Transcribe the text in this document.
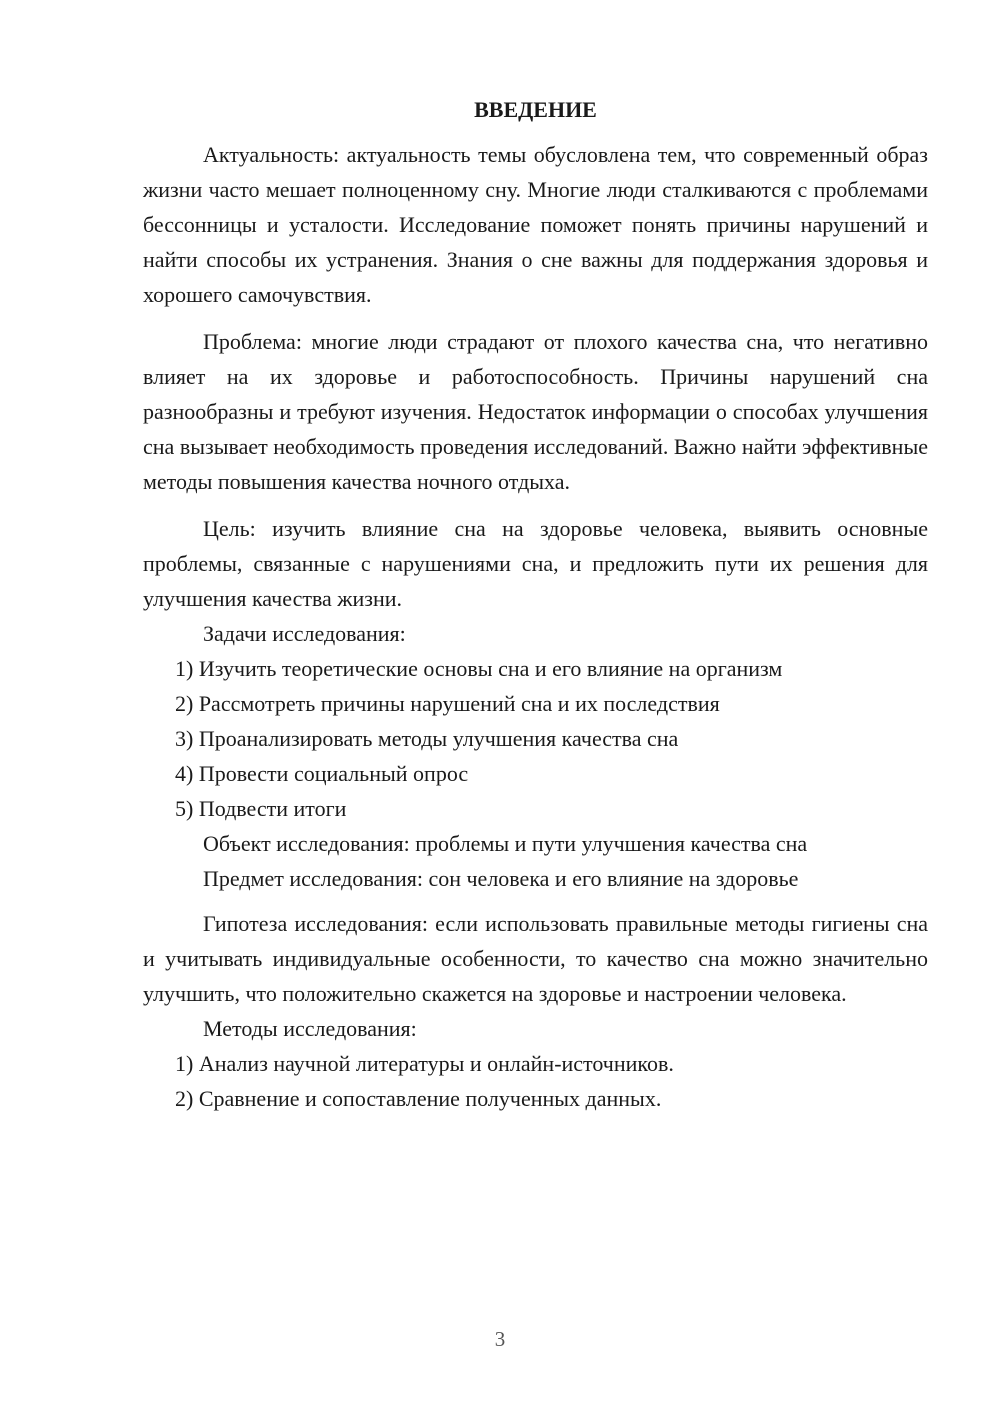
ВВЕДЕНИЕ

Актуальность: актуальность темы обусловлена тем, что современный образ жизни часто мешает полноценному сну. Многие люди сталкиваются с проблемами бессонницы и усталости. Исследование поможет понять причины нарушений и найти способы их устранения. Знания о сне важны для поддержания здоровья и хорошего самочувствия.

Проблема: многие люди страдают от плохого качества сна, что негативно влияет на их здоровье и работоспособность. Причины нарушений сна разнообразны и требуют изучения. Недостаток информации о способах улучшения сна вызывает необходимость проведения исследований. Важно найти эффективные методы повышения качества ночного отдыха.

Цель: изучить влияние сна на здоровье человека, выявить основные проблемы, связанные с нарушениями сна, и предложить пути их решения для улучшения качества жизни.

Задачи исследования:

1) Изучить теоретические основы сна и его влияние на организм

2) Рассмотреть причины нарушений сна и их последствия

3) Проанализировать методы улучшения качества сна

4) Провести социальный опрос

5) Подвести итоги

Объект исследования: проблемы и пути улучшения качества сна

Предмет исследования: сон человека и его влияние на здоровье

Гипотеза исследования: если использовать правильные методы гигиены сна и учитывать индивидуальные особенности, то качество сна можно значительно улучшить, что положительно скажется на здоровье и настроении человека.

Методы исследования:

1) Анализ научной литературы и онлайн-источников.

2) Сравнение и сопоставление полученных данных.

3
